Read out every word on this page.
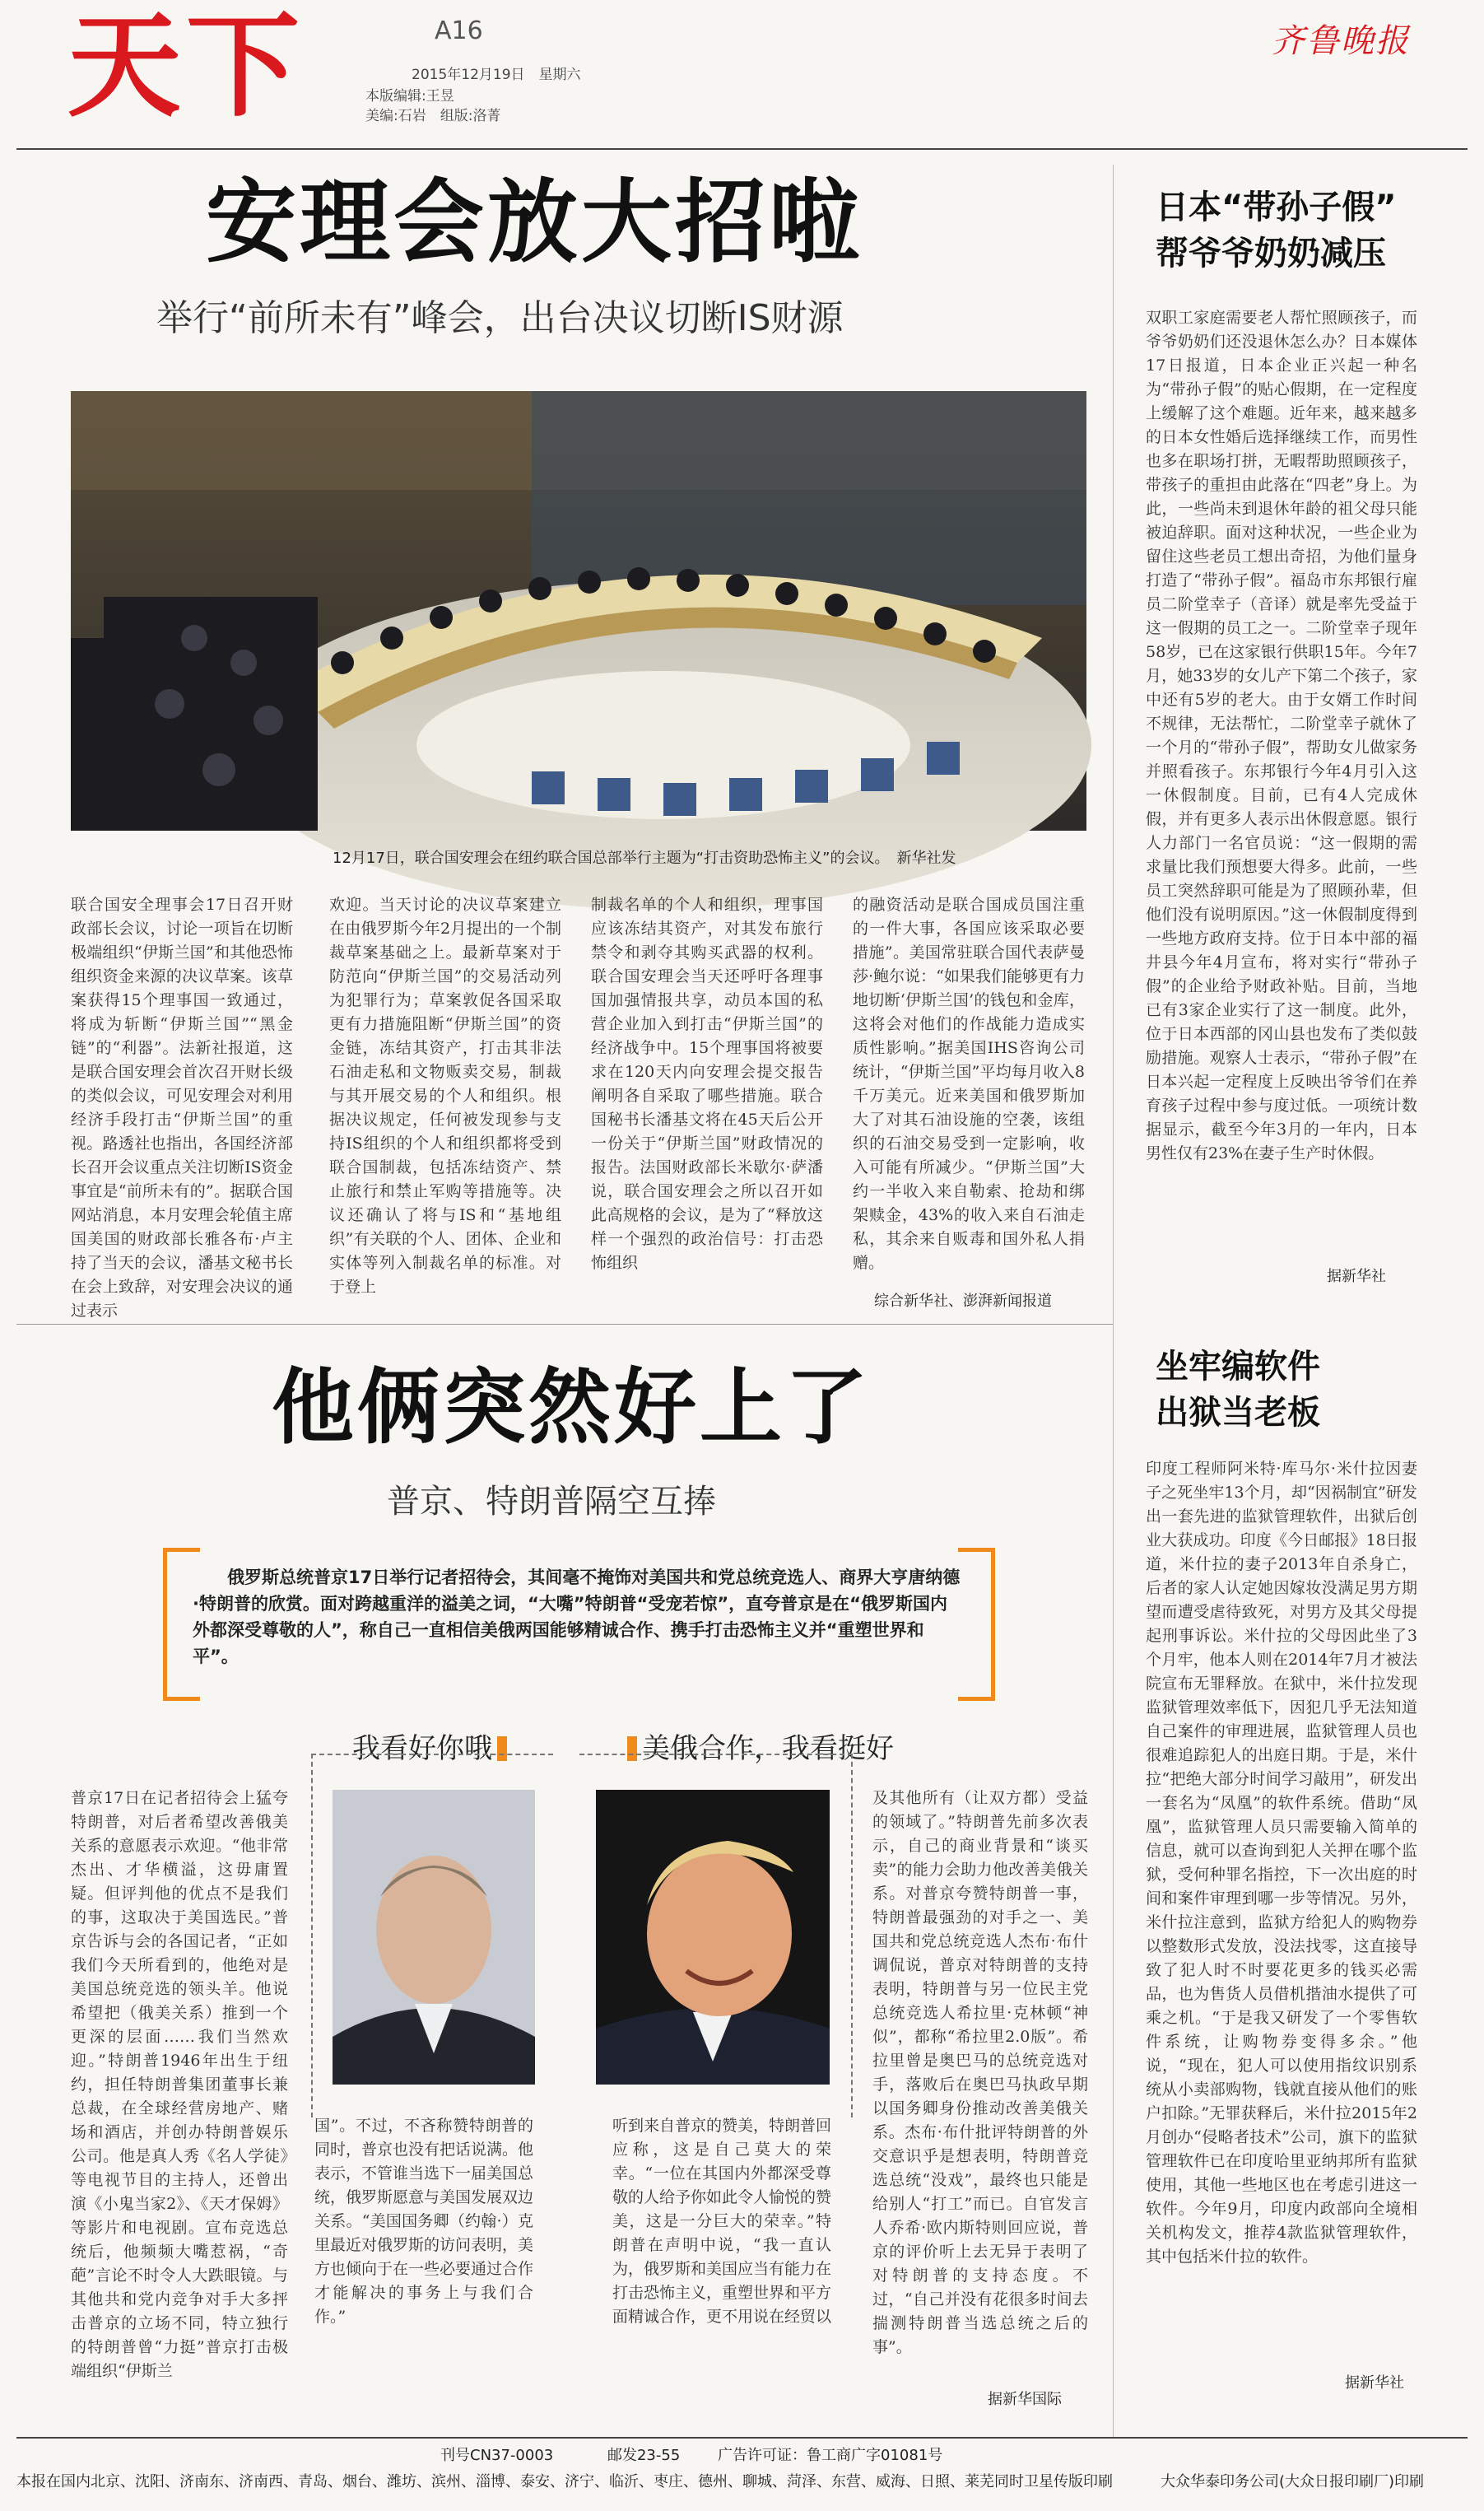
天下	A16
2015年12月19日　星期六
本版编辑:王昱
美编:石岩　组版:洛菁
齐鲁晚报
安理会放大招啦
举行“前所未有”峰会，出台决议切断IS财源
12月17日，联合国安理会在纽约联合国总部举行主题为“打击资助恐怖主义”的会议。　新华社发
联合国安全理事会17日召开财政部长会议，讨论一项旨在切断极端组织“伊斯兰国”和其他恐怖组织资金来源的决议草案。该草案获得15个理事国一致通过，将成为斩断“伊斯兰国”“黑金链”的“利器”。法新社报道，这是联合国安理会首次召开财长级的类似会议，可见安理会对利用经济手段打击“伊斯兰国”的重视。路透社也指出，各国经济部长召开会议重点关注切断IS资金事宜是“前所未有的”。据联合国网站消息，本月安理会轮值主席国美国的财政部长雅各布·卢主持了当天的会议，潘基文秘书长在会上致辞，对安理会决议的通过表示
欢迎。当天讨论的决议草案建立在由俄罗斯今年2月提出的一个制裁草案基础之上。最新草案对于防范向“伊斯兰国”的交易活动列为犯罪行为；草案敦促各国采取更有力措施阻断“伊斯兰国”的资金链，冻结其资产，打击其非法石油走私和文物贩卖交易，制裁与其开展交易的个人和组织。根据决议规定，任何被发现参与支持IS组织的个人和组织都将受到联合国制裁，包括冻结资产、禁止旅行和禁止军购等措施等。决议还确认了将与IS和“基地组织”有关联的个人、团体、企业和实体等列入制裁名单的标准。对于登上
制裁名单的个人和组织，理事国应该冻结其资产，对其发布旅行禁令和剥夺其购买武器的权利。联合国安理会当天还呼吁各理事国加强情报共享，动员本国的私营企业加入到打击“伊斯兰国”的经济战争中。15个理事国将被要求在120天内向安理会提交报告阐明各自采取了哪些措施。联合国秘书长潘基文将在45天后公开一份关于“伊斯兰国”财政情况的报告。法国财政部长米歇尔·萨潘说，联合国安理会之所以召开如此高规格的会议，是为了“释放这样一个强烈的政治信号：打击恐怖组织
的融资活动是联合国成员国注重的一件大事，各国应该采取必要措施”。美国常驻联合国代表萨曼莎·鲍尔说：“如果我们能够更有力地切断‘伊斯兰国’的钱包和金库，这将会对他们的作战能力造成实质性影响。”据美国IHS咨询公司统计，“伊斯兰国”平均每月收入8千万美元。近来美国和俄罗斯加大了对其石油设施的空袭，该组织的石油交易受到一定影响，收入可能有所减少。“伊斯兰国”大约一半收入来自勒索、抢劫和绑架赎金，43%的收入来自石油走私，其余来自贩毒和国外私人捐赠。
综合新华社、澎湃新闻报道
日本“带孙子假”
帮爷爷奶奶减压
双职工家庭需要老人帮忙照顾孩子，而爷爷奶奶们还没退休怎么办？日本媒体17日报道，日本企业正兴起一种名为“带孙子假”的贴心假期，在一定程度上缓解了这个难题。近年来，越来越多的日本女性婚后选择继续工作，而男性也多在职场打拼，无暇帮助照顾孩子，带孩子的重担由此落在“四老”身上。为此，一些尚未到退休年龄的祖父母只能被迫辞职。面对这种状况，一些企业为留住这些老员工想出奇招，为他们量身打造了“带孙子假”。福岛市东邦银行雇员二阶堂幸子（音译）就是率先受益于这一假期的员工之一。二阶堂幸子现年58岁，已在这家银行供职15年。今年7月，她33岁的女儿产下第二个孩子，家中还有5岁的老大。由于女婿工作时间不规律，无法帮忙，二阶堂幸子就休了一个月的“带孙子假”，帮助女儿做家务并照看孩子。东邦银行今年4月引入这一休假制度。目前，已有4人完成休假，并有更多人表示出休假意愿。银行人力部门一名官员说：“这一假期的需求量比我们预想要大得多。此前，一些员工突然辞职可能是为了照顾孙辈，但他们没有说明原因。”这一休假制度得到一些地方政府支持。位于日本中部的福井县今年4月宣布，将对实行“带孙子假”的企业给予财政补贴。目前，当地已有3家企业实行了这一制度。此外，位于日本西部的冈山县也发布了类似鼓励措施。观察人士表示，“带孙子假”在日本兴起一定程度上反映出爷爷们在养育孩子过程中参与度过低。一项统计数据显示，截至今年3月的一年内，日本男性仅有23%在妻子生产时休假。
据新华社
他俩突然好上了
普京、特朗普隔空互捧
俄罗斯总统普京17日举行记者招待会，其间毫不掩饰对美国共和党总统竞选人、商界大亨唐纳德·特朗普的欣赏。面对跨越重洋的溢美之词，“大嘴”特朗普“受宠若惊”，直夸普京是在“俄罗斯国内外都深受尊敬的人”，称自己一直相信美俄两国能够精诚合作、携手打击恐怖主义并“重塑世界和平”。
我看好你哦	美俄合作，我看挺好
普京17日在记者招待会上猛夸特朗普，对后者希望改善俄美关系的意愿表示欢迎。“他非常杰出、才华横溢，这毋庸置疑。但评判他的优点不是我们的事，这取决于美国选民。”普京告诉与会的各国记者，“正如我们今天所看到的，他绝对是美国总统竞选的领头羊。他说希望把（俄美关系）推到一个更深的层面……我们当然欢迎。”特朗普1946年出生于纽约，担任特朗普集团董事长兼总裁，在全球经营房地产、赌场和酒店，并创办特朗普娱乐公司。他是真人秀《名人学徒》等电视节目的主持人，还曾出演《小鬼当家2》、《天才保姆》等影片和电视剧。宣布竞选总统后，他频频大嘴惹祸，“奇葩”言论不时令人大跌眼镜。与其他共和党内竞争对手大多抨击普京的立场不同，特立独行的特朗普曾“力挺”普京打击极端组织“伊斯兰
国”。不过，不吝称赞特朗普的同时，普京也没有把话说满。他表示，不管谁当选下一届美国总统，俄罗斯愿意与美国发展双边关系。“美国国务卿（约翰·）克里最近对俄罗斯的访问表明，美方也倾向于在一些必要通过合作才能解决的事务上与我们合作。”
听到来自普京的赞美，特朗普回应称，这是自己莫大的荣幸。“一位在其国内外都深受尊敬的人给予你如此令人愉悦的赞美，这是一分巨大的荣幸。”特朗普在声明中说，“我一直认为，俄罗斯和美国应当有能力在打击恐怖主义，重塑世界和平方面精诚合作，更不用说在经贸以
及其他所有（让双方都）受益的领域了。”特朗普先前多次表示，自己的商业背景和“谈买卖”的能力会助力他改善美俄关系。对普京夸赞特朗普一事，特朗普最强劲的对手之一、美国共和党总统竞选人杰布·布什调侃说，普京对特朗普的支持表明，特朗普与另一位民主党总统竞选人希拉里·克林顿“神似”，都称“希拉里2.0版”。希拉里曾是奥巴马的总统竞选对手，落败后在奥巴马执政早期以国务卿身份推动改善美俄关系。杰布·布什批评特朗普的外交意识乎是想表明，特朗普竞选总统“没戏”，最终也只能是给别人“打工”而已。自官发言人乔希·欧内斯特则回应说，普京的评价听上去无异于表明了对特朗普的支持态度。不过，“自己并没有花很多时间去揣测特朗普当选总统之后的事”。
据新华国际
坐牢编软件
出狱当老板
印度工程师阿米特·库马尔·米什拉因妻子之死坐牢13个月，却“因祸制宜”研发出一套先进的监狱管理软件，出狱后创业大获成功。印度《今日邮报》18日报道，米什拉的妻子2013年自杀身亡，后者的家人认定她因嫁妆没满足男方期望而遭受虐待致死，对男方及其父母提起刑事诉讼。米什拉的父母因此坐了3个月牢，他本人则在2014年7月才被法院宣布无罪释放。在狱中，米什拉发现监狱管理效率低下，因犯几乎无法知道自己案件的审理进展，监狱管理人员也很难追踪犯人的出庭日期。于是，米什拉“把绝大部分时间学习敲用”，研发出一套名为“凤凰”的软件系统。借助“凤凰”，监狱管理人员只需要输入简单的信息，就可以查询到犯人关押在哪个监狱，受何种罪名指控，下一次出庭的时间和案件审理到哪一步等情况。另外，米什拉注意到，监狱方给犯人的购物券以整数形式发放，没法找零，这直接导致了犯人时不时要花更多的钱买必需品，也为售货人员借机揩油水提供了可乘之机。“于是我又研发了一个零售软件系统，让购物券变得多余。”他说，“现在，犯人可以使用指纹识别系统从小卖部购物，钱就直接从他们的账户扣除。”无罪获释后，米什拉2015年2月创办“侵略者技术”公司，旗下的监狱管理软件已在印度哈里亚纳邦所有监狱使用，其他一些地区也在考虑引进这一软件。今年9月，印度内政部向全境相关机构发文，推荐4款监狱管理软件，其中包括米什拉的软件。
据新华社
刊号CN37-0003	邮发23-55	广告许可证：鲁工商广字01081号
本报在国内北京、沈阳、济南东、济南西、青岛、烟台、潍坊、滨州、淄博、泰安、济宁、临沂、枣庄、德州、聊城、菏泽、东营、威海、日照、莱芜同时卫星传版印刷	大众华泰印务公司(大众日报印刷厂)印刷
